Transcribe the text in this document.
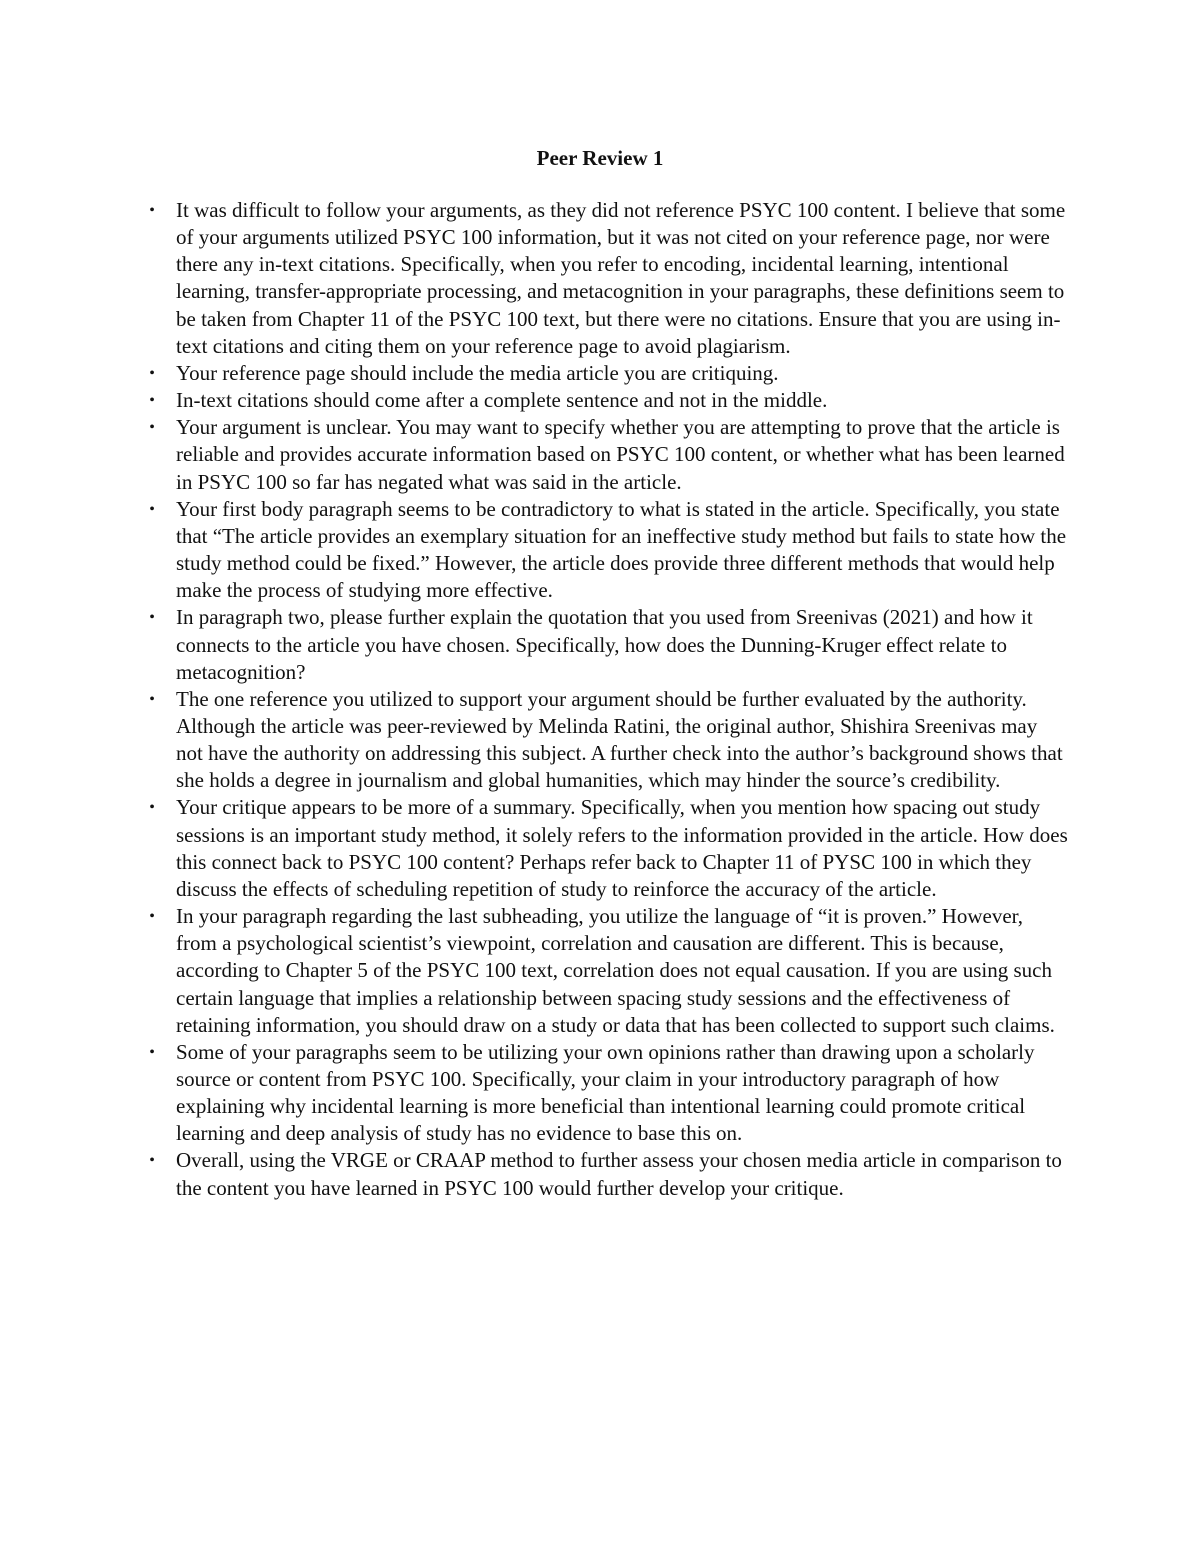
Peer Review 1
•	It was difficult to follow your arguments, as they did not reference PSYC 100 content. I believe that some of your arguments utilized PSYC 100 information, but it was not cited on your reference page, nor were there any in-text citations. Specifically, when you refer to encoding, incidental learning, intentional learning, transfer-appropriate processing, and metacognition in your paragraphs, these definitions seem to be taken from Chapter 11 of the PSYC 100 text, but there were no citations. Ensure that you are using in-text citations and citing them on your reference page to avoid plagiarism.
•	Your reference page should include the media article you are critiquing.
•	In-text citations should come after a complete sentence and not in the middle.
•	Your argument is unclear. You may want to specify whether you are attempting to prove that the article is reliable and provides accurate information based on PSYC 100 content, or whether what has been learned in PSYC 100 so far has negated what was said in the article.
•	Your first body paragraph seems to be contradictory to what is stated in the article. Specifically, you state that “The article provides an exemplary situation for an ineffective study method but fails to state how the study method could be fixed.” However, the article does provide three different methods that would help make the process of studying more effective.
•	In paragraph two, please further explain the quotation that you used from Sreenivas (2021) and how it connects to the article you have chosen. Specifically, how does the Dunning-Kruger effect relate to metacognition?
•	The one reference you utilized to support your argument should be further evaluated by the authority. Although the article was peer-reviewed by Melinda Ratini, the original author, Shishira Sreenivas may not have the authority on addressing this subject. A further check into the author’s background shows that she holds a degree in journalism and global humanities, which may hinder the source’s credibility.
•	Your critique appears to be more of a summary. Specifically, when you mention how spacing out study sessions is an important study method, it solely refers to the information provided in the article. How does this connect back to PSYC 100 content? Perhaps refer back to Chapter 11 of PYSC 100 in which they discuss the effects of scheduling repetition of study to reinforce the accuracy of the article.
•	In your paragraph regarding the last subheading, you utilize the language of “it is proven.” However, from a psychological scientist’s viewpoint, correlation and causation are different. This is because, according to Chapter 5 of the PSYC 100 text, correlation does not equal causation. If you are using such certain language that implies a relationship between spacing study sessions and the effectiveness of retaining information, you should draw on a study or data that has been collected to support such claims.
•	Some of your paragraphs seem to be utilizing your own opinions rather than drawing upon a scholarly source or content from PSYC 100. Specifically, your claim in your introductory paragraph of how explaining why incidental learning is more beneficial than intentional learning could promote critical learning and deep analysis of study has no evidence to base this on.
•	Overall, using the VRGE or CRAAP method to further assess your chosen media article in comparison to the content you have learned in PSYC 100 would further develop your critique.
